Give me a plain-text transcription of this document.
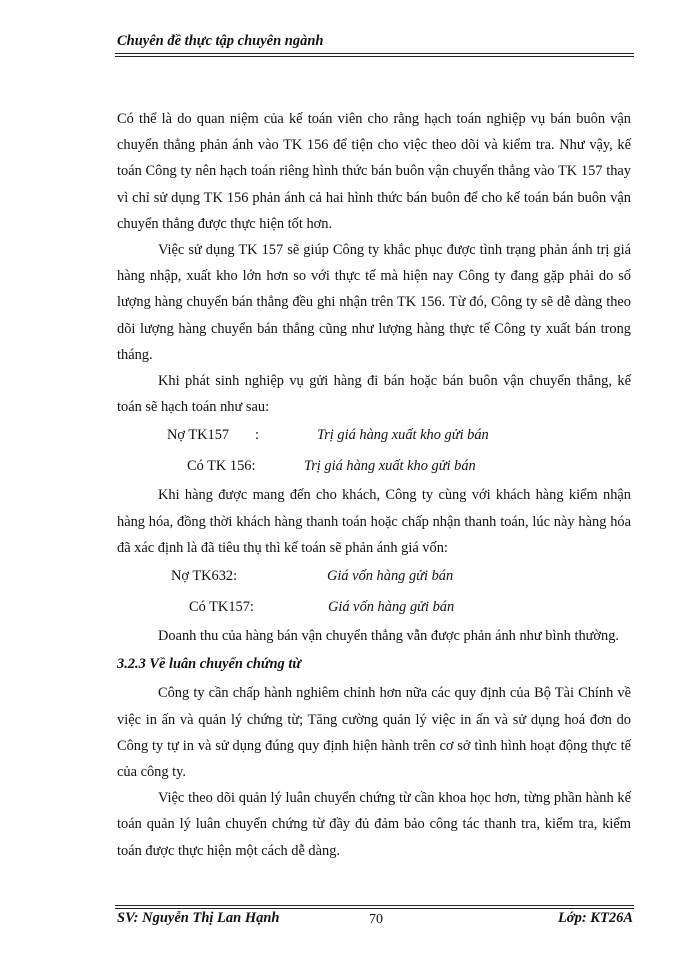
Chuyên đề thực tập chuyên ngành

Có thể là do quan niệm của kế toán viên cho rằng hạch toán nghiệp vụ bán buôn vận chuyển thẳng phản ánh vào TK 156 để tiện cho việc theo dõi và kiểm tra. Như vậy, kế toán Công ty nên hạch toán riêng hình thức bán buôn vận chuyển thẳng vào TK 157 thay vì chỉ sử dụng TK 156 phản ánh cả hai hình thức bán buôn để cho kế toán bán buôn vận chuyển thẳng được thực hiện tốt hơn.

Việc sử dụng TK 157 sẽ giúp Công ty khắc phục được tình trạng phản ánh trị giá hàng nhập, xuất kho lớn hơn so với thực tế mà hiện nay Công ty đang gặp phải do số lượng hàng chuyển bán thẳng đều ghi nhận trên TK 156. Từ đó, Công ty sẽ dễ dàng theo dõi lượng hàng chuyển bán thẳng cũng như lượng hàng thực tế Công ty xuất bán trong tháng.

Khi phát sinh nghiệp vụ gửi hàng đi bán hoặc bán buôn vận chuyển thẳng, kế toán sẽ hạch toán như sau:

Nợ TK157 :	Trị giá hàng xuất kho gửi bán
Có TK 156:	Trị giá hàng xuất kho gửi bán

Khi hàng được mang đến cho khách, Công ty cùng với khách hàng kiểm nhận hàng hóa, đồng thời khách hàng thanh toán hoặc chấp nhận thanh toán, lúc này hàng hóa đã xác định là đã tiêu thụ thì kế toán sẽ phản ánh giá vốn:

Nợ TK632:	Giá vốn hàng gửi bán
Có TK157:	Giá vốn hàng gửi bán

Doanh thu của hàng bán vận chuyển thẳng vẫn được phản ánh như bình thường.

3.2.3 Về luân chuyển chứng từ

Công ty cần chấp hành nghiêm chỉnh hơn nữa các quy định của Bộ Tài Chính về việc in ấn và quản lý chứng từ; Tăng cường quản lý việc in ấn và sử dụng hoá đơn do Công ty tự in và sử dụng đúng quy định hiện hành trên cơ sở tình hình hoạt động thực tế của công ty.

Việc theo dõi quản lý luân chuyển chứng từ cần khoa học hơn, từng phần hành kế toán quản lý luân chuyển chứng từ đầy đủ đảm bảo công tác thanh tra, kiểm tra, kiểm toán được thực hiện một cách dễ dàng.

SV: Nguyễn Thị Lan Hạnh	70	Lớp: KT26A
